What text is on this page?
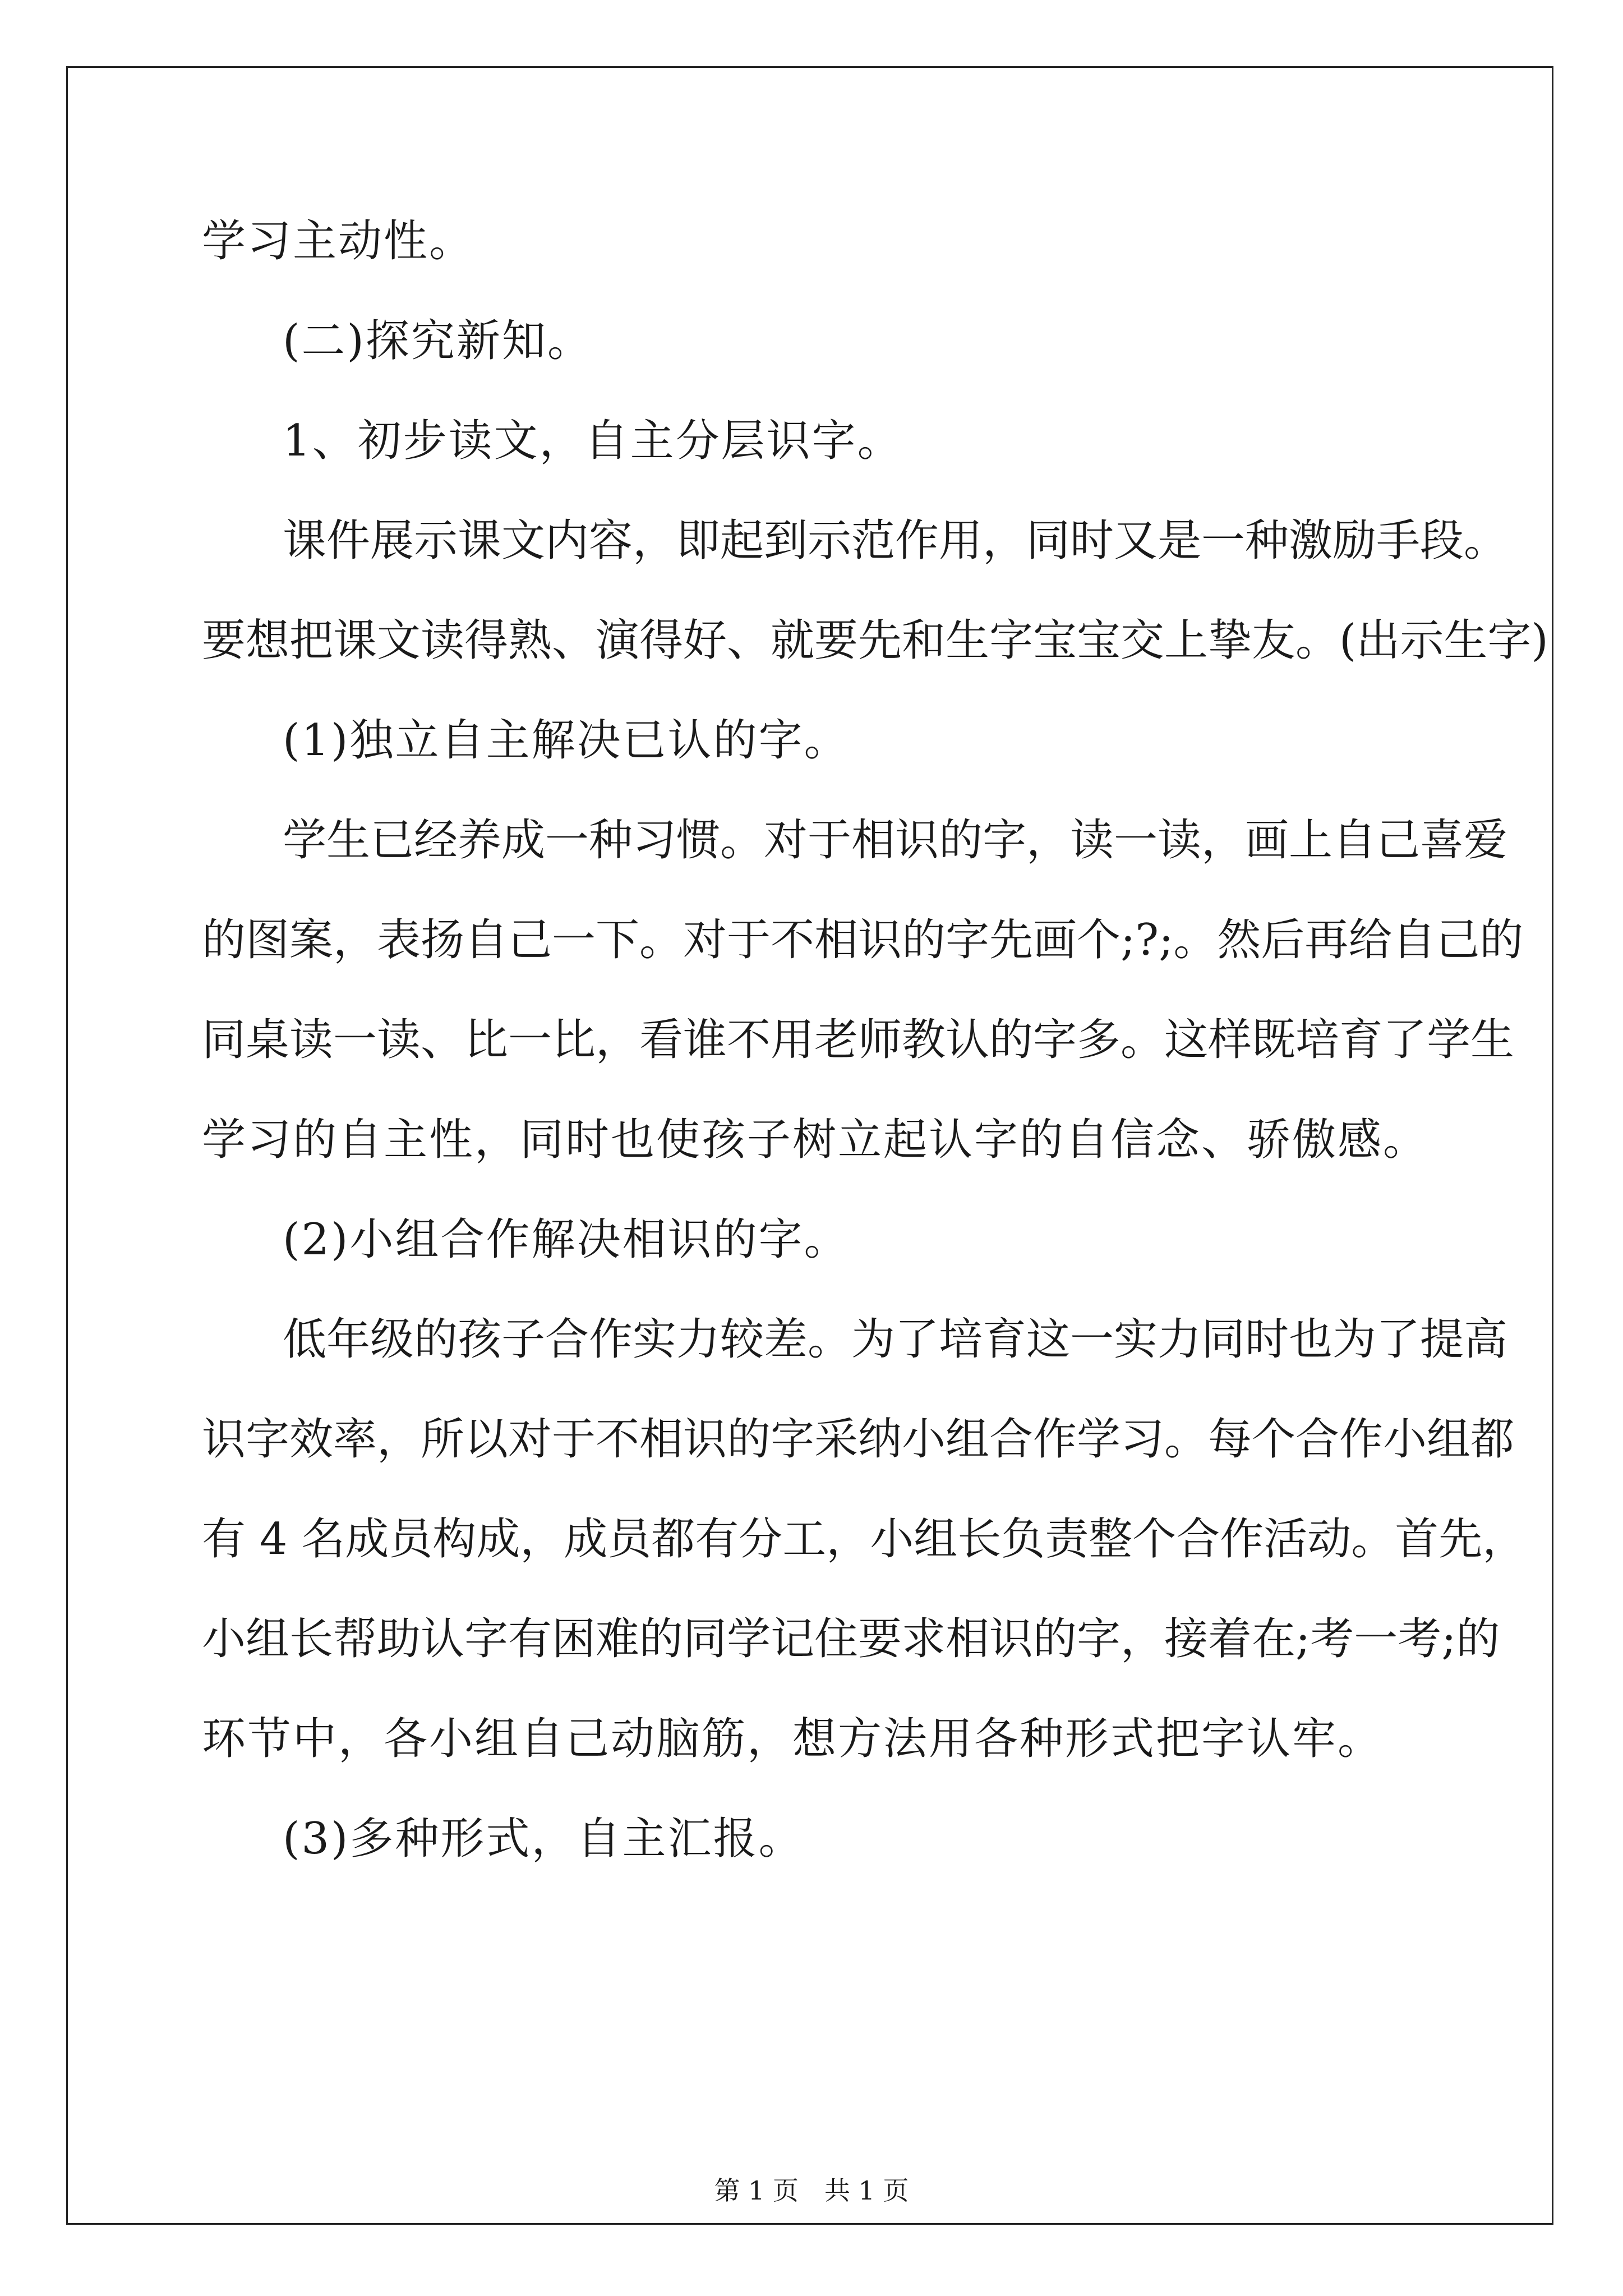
学习主动性。
(二)探究新知。
1、初步读文，自主分层识字。
课件展示课文内容，即起到示范作用，同时又是一种激励手段。
要想把课文读得熟、演得好、就要先和生字宝宝交上挚友。(出示生字)
(1)独立自主解决已认的字。
学生已经养成一种习惯。对于相识的字，读一读，画上自己喜爱
的图案，表扬自己一下。对于不相识的字先画个;?;。然后再给自己的
同桌读一读、比一比，看谁不用老师教认的字多。这样既培育了学生
学习的自主性，同时也使孩子树立起认字的自信念、骄傲感。
(2)小组合作解决相识的字。
低年级的孩子合作实力较差。为了培育这一实力同时也为了提高
识字效率，所以对于不相识的字采纳小组合作学习。每个合作小组都
有 4 名成员构成，成员都有分工，小组长负责整个合作活动。首先，
小组长帮助认字有困难的同学记住要求相识的字，接着在;考一考;的
环节中，各小组自己动脑筋，想方法用各种形式把字认牢。
(3)多种形式，自主汇报。
第 1 页　共 1 页
